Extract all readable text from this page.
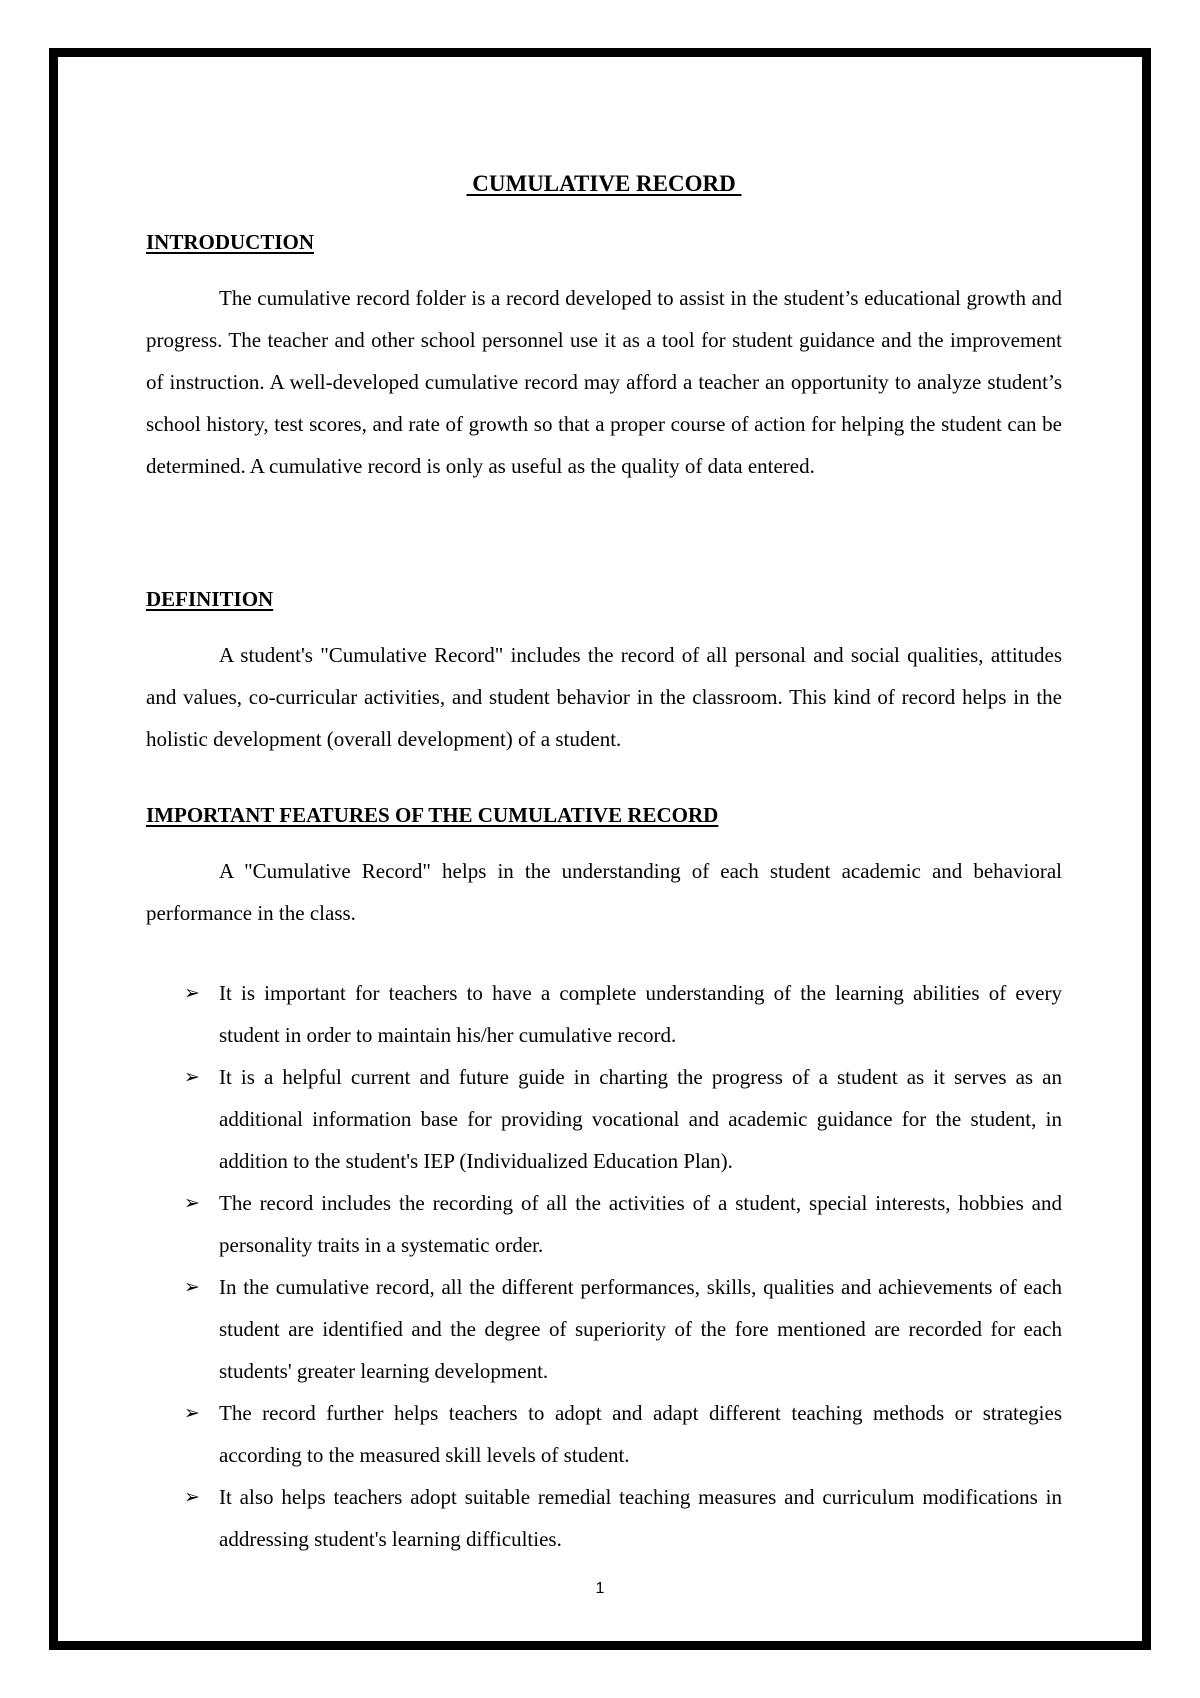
CUMULATIVE RECORD
INTRODUCTION
The cumulative record folder is a record developed to assist in the student’s educational growth and progress. The teacher and other school personnel use it as a tool for student guidance and the improvement of instruction. A well-developed cumulative record may afford a teacher an opportunity to analyze student’s school history, test scores, and rate of growth so that a proper course of action for helping the student can be determined. A cumulative record is only as useful as the quality of data entered.
DEFINITION
A student's "Cumulative Record" includes the record of all personal and social qualities, attitudes and values, co-curricular activities, and student behavior in the classroom. This kind of record helps in the holistic development (overall development) of a student.
IMPORTANT FEATURES OF THE CUMULATIVE RECORD
A "Cumulative Record" helps in the understanding of each student academic and behavioral performance in the class.
➢ It is important for teachers to have a complete understanding of the learning abilities of every student in order to maintain his/her cumulative record.
➢ It is a helpful current and future guide in charting the progress of a student as it serves as an additional information base for providing vocational and academic guidance for the student, in addition to the student's IEP (Individualized Education Plan).
➢ The record includes the recording of all the activities of a student, special interests, hobbies and personality traits in a systematic order.
➢ In the cumulative record, all the different performances, skills, qualities and achievements of each student are identified and the degree of superiority of the fore mentioned are recorded for each students' greater learning development.
➢ The record further helps teachers to adopt and adapt different teaching methods or strategies according to the measured skill levels of student.
➢ It also helps teachers adopt suitable remedial teaching measures and curriculum modifications in addressing student's learning difficulties.
1
